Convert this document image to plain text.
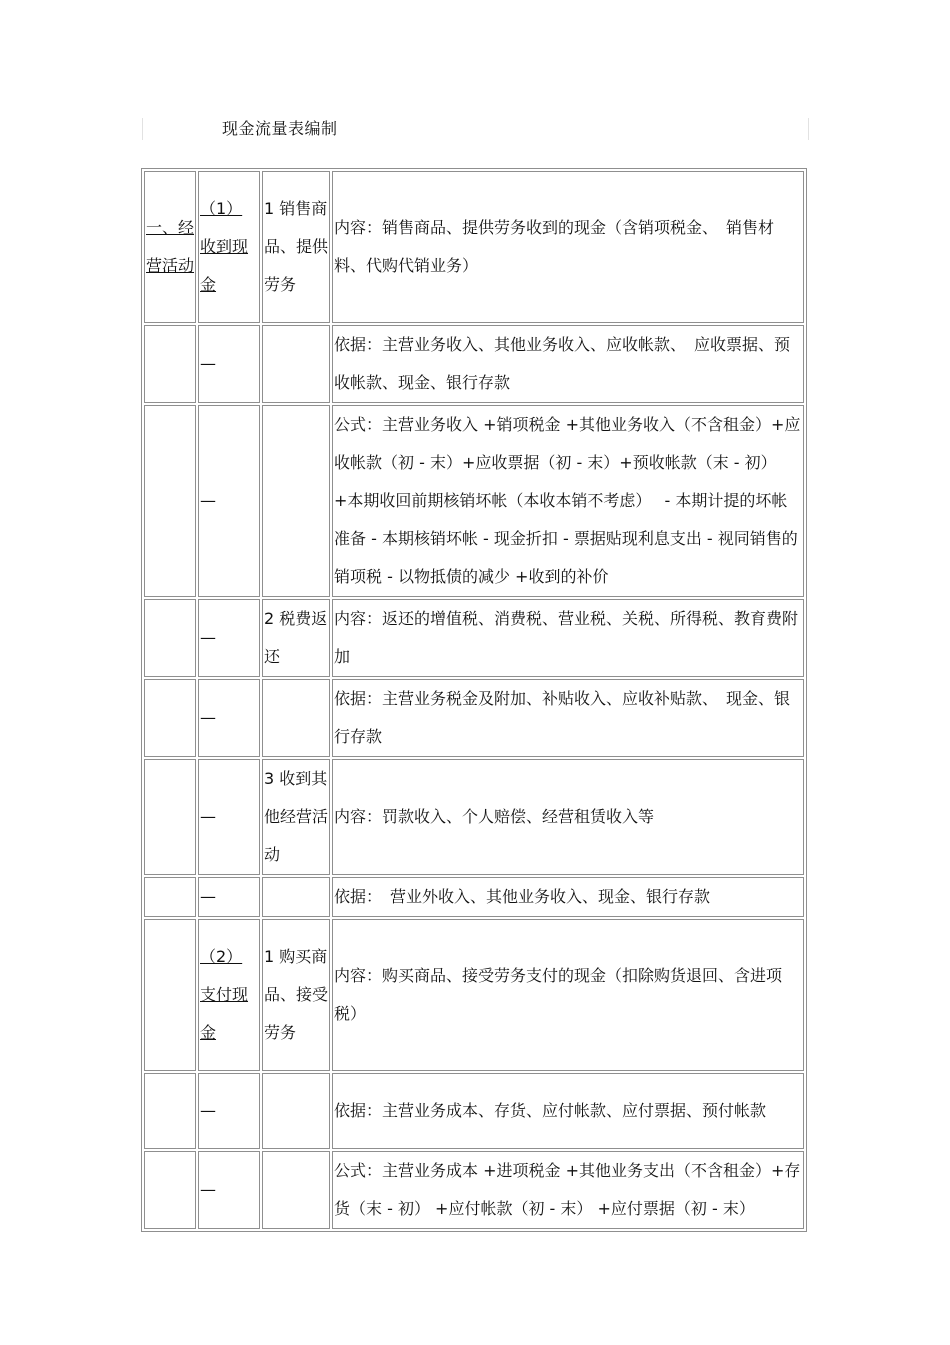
现金流量表编制
一、经营活动	（1）收到现金	1 销售商品、提供劳务	内容：销售商品、提供劳务收到的现金（含销项税金、　销售材料、代购代销业务）
	—		依据：主营业务收入、其他业务收入、应收帐款、　应收票据、预收帐款、现金、银行存款
	—		公式：主营业务收入 +销项税金 +其他业务收入（不含租金）+应收帐款（初 - 末）+应收票据（初 - 末）+预收帐款（末 - 初） +本期收回前期核销坏帐（本收本销不考虑）　 - 本期计提的坏帐准备 - 本期核销坏帐 - 现金折扣 - 票据贴现利息支出 - 视同销售的销项税 - 以物抵债的减少 +收到的补价
	—	2 税费返还	内容：返还的增值税、消费税、营业税、关税、所得税、教育费附加
	—		依据：主营业务税金及附加、补贴收入、应收补贴款、　现金、银行存款
	—	3 收到其他经营活动	内容：罚款收入、个人赔偿、经营租赁收入等
	—		依据：　营业外收入、其他业务收入、现金、银行存款
	（2）支付现金	1 购买商品、接受劳务	内容：购买商品、接受劳务支付的现金（扣除购货退回、含进项税）
	—		依据：主营业务成本、存货、应付帐款、应付票据、预付帐款
	—		公式：主营业务成本 +进项税金 +其他业务支出（不含租金）+存货（末 - 初） +应付帐款（初 - 末） +应付票据（初 - 末）
